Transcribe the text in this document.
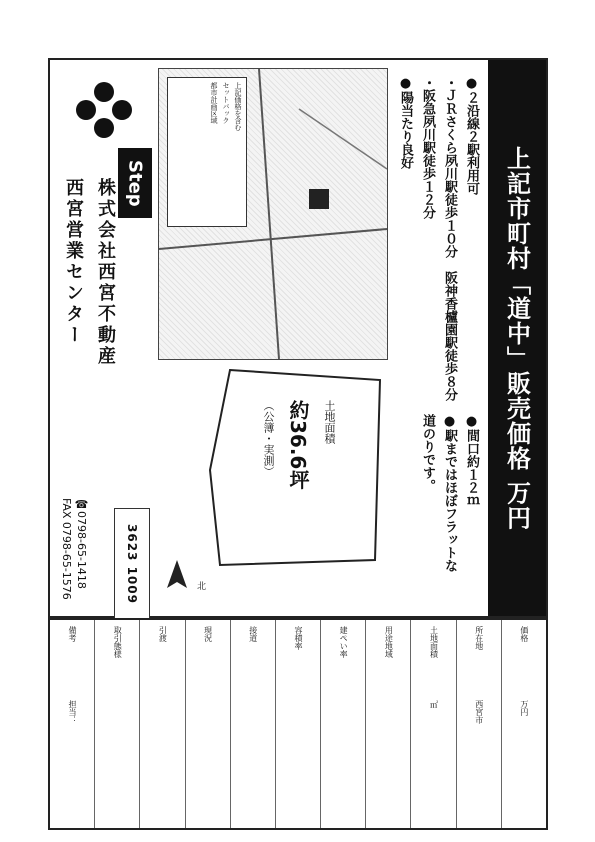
上記市町村「道中」販売価格 万円
●２沿線２駅利用可
・ＪＲさくら夙川駅徒歩１０分　阪神香櫨園駅徒歩８分
・阪急夙川駅徒歩１２分
●陽当たり良好
●間口約１２ｍ
●駅まではほぼフラットな
道のりです。
上記価格を含む
セットバック
都市計画区域
土地面積
約36.6坪
（公簿・実測）
北
Step
株式会社西宮不動産
西宮営業センター
☎0798-65-1418
FAX 0798-65-1576	3623 1009
価格
万円
所在地
西宮市
土地面積
㎡
用途地域
建ぺい率
容積率
接道
現況
引渡
取引態様
備考
担当：
